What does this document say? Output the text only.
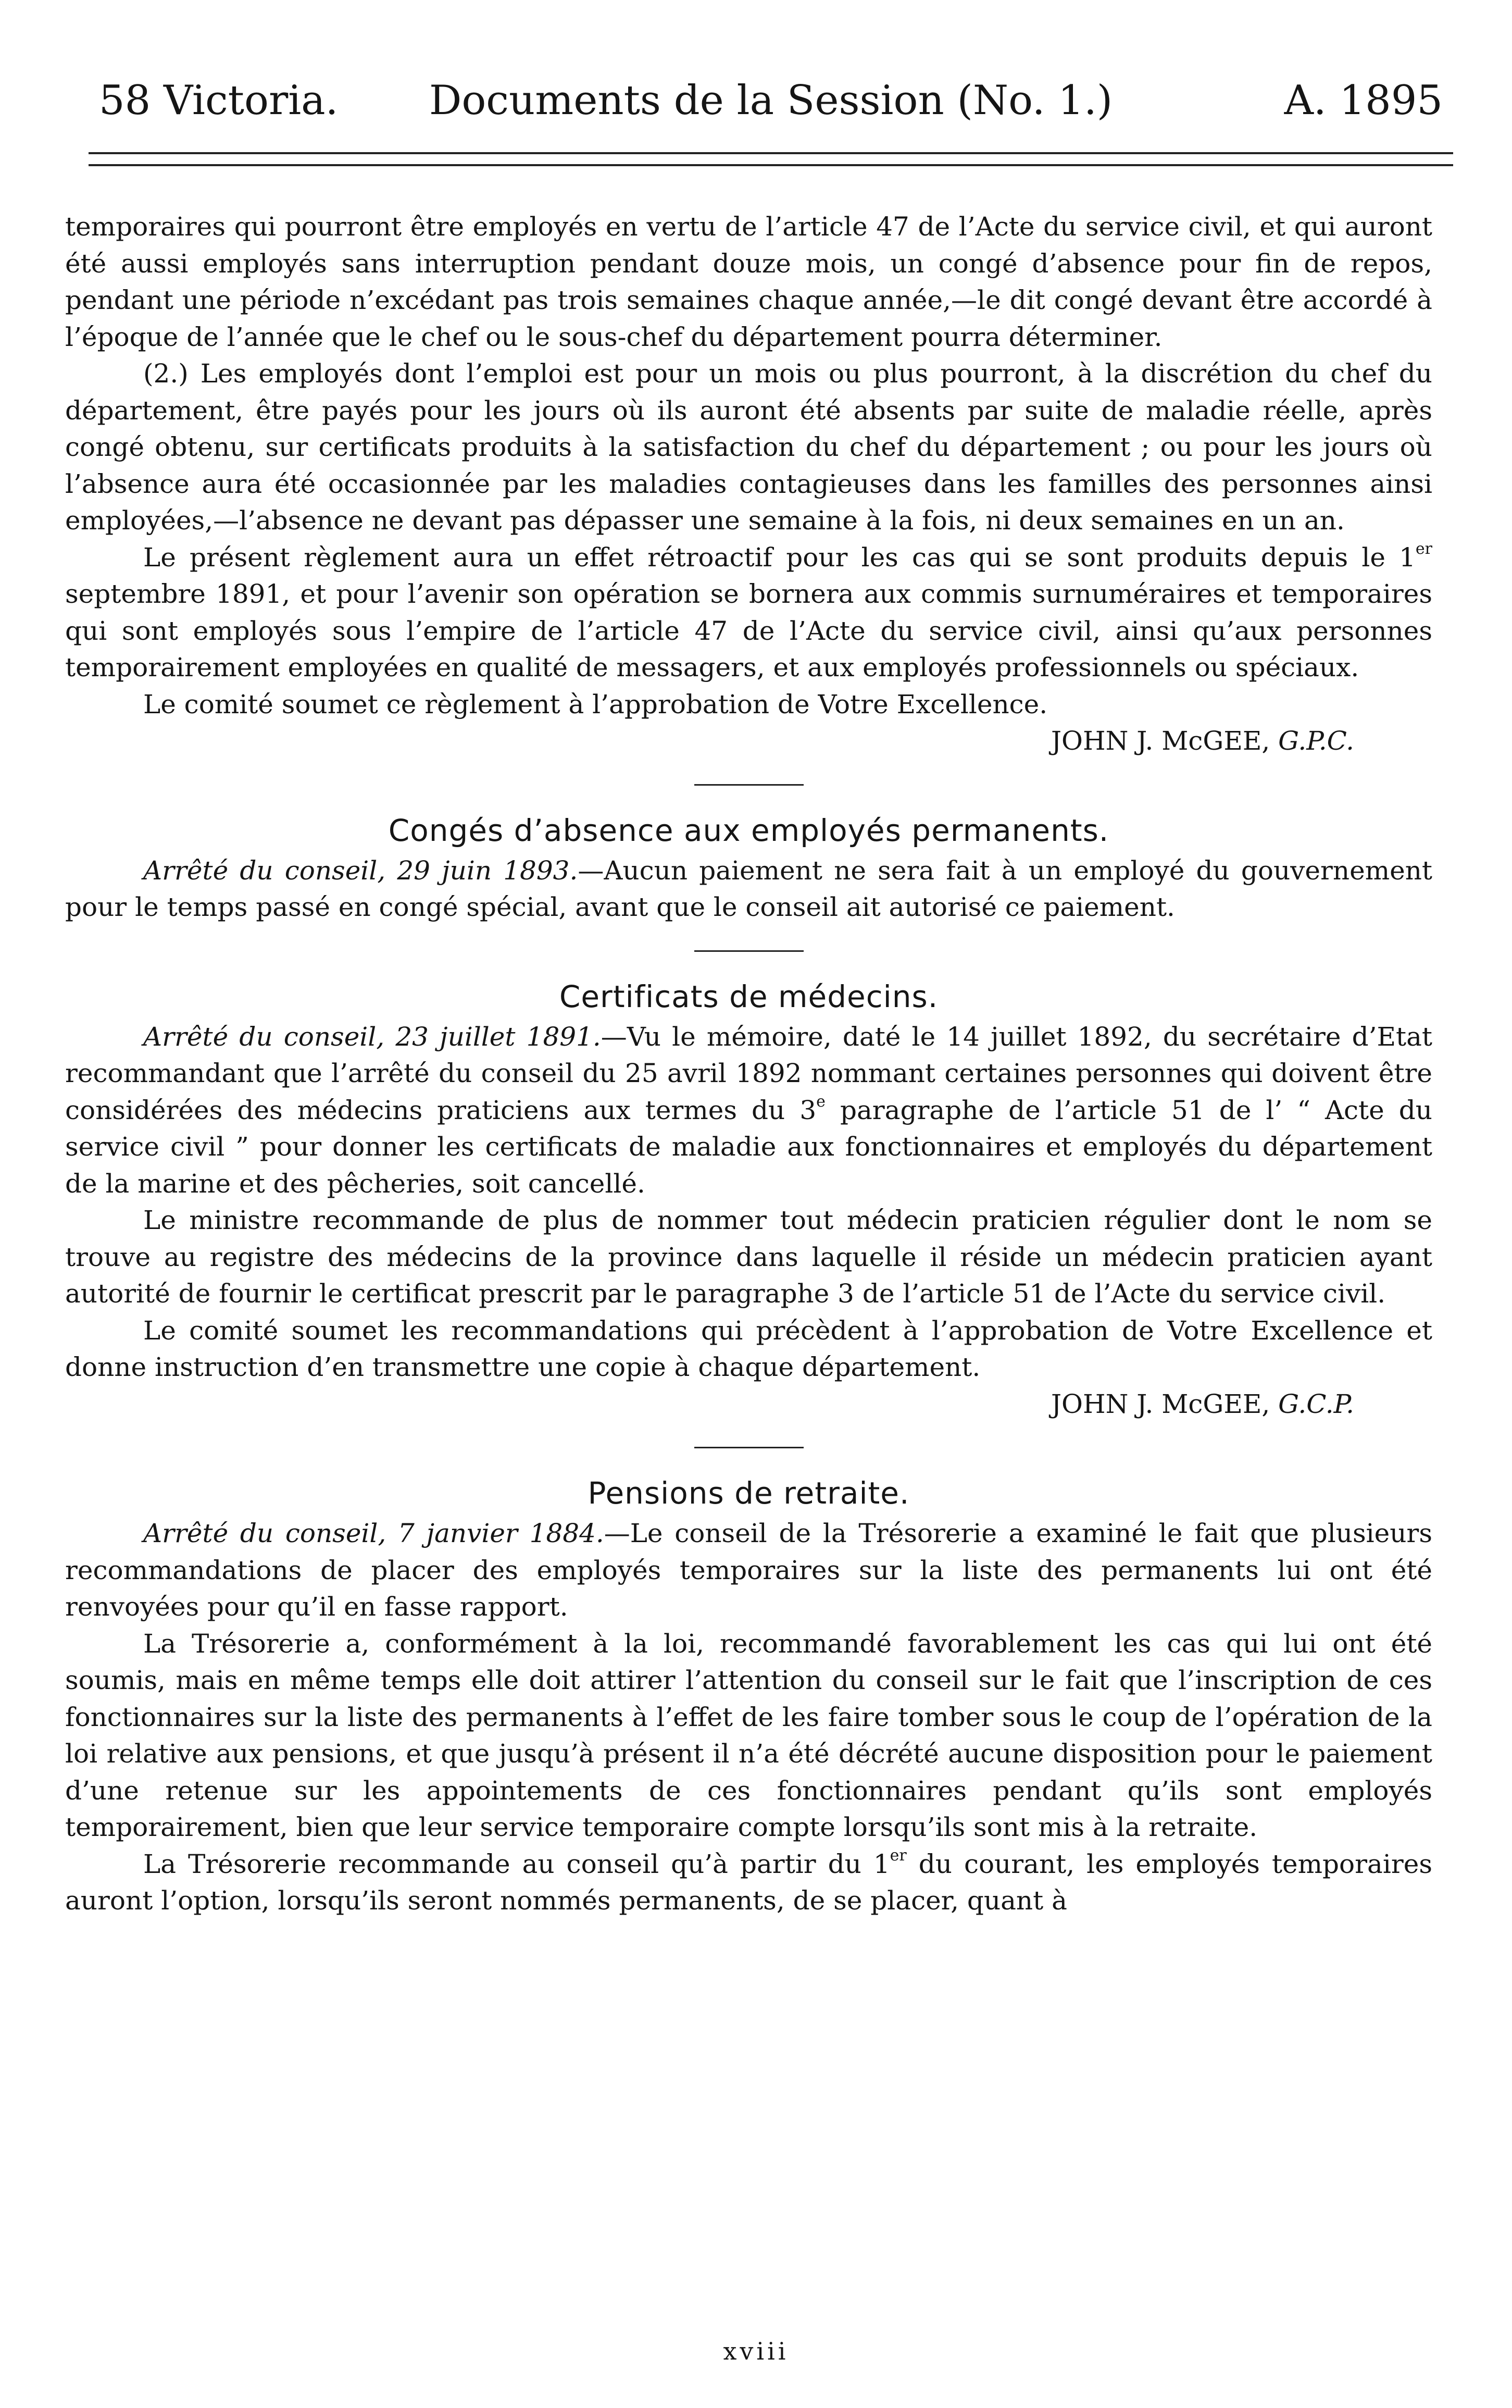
58 Victoria.	Documents de la Session (No. 1.)	A. 1895

temporaires qui pourront être employés en vertu de l’article 47 de l’Acte du service civil, et qui auront été aussi employés sans interruption pendant douze mois, un congé d’absence pour fin de repos, pendant une période n’excédant pas trois semaines chaque année,—le dit congé devant être accordé à l’époque de l’année que le chef ou le sous-chef du département pourra déterminer.

(2.) Les employés dont l’emploi est pour un mois ou plus pourront, à la discrétion du chef du département, être payés pour les jours où ils auront été absents par suite de maladie réelle, après congé obtenu, sur certificats produits à la satisfaction du chef du département ; ou pour les jours où l’absence aura été occasionnée par les maladies contagieuses dans les familles des personnes ainsi employées,—l’absence ne devant pas dépasser une semaine à la fois, ni deux semaines en un an.

Le présent règlement aura un effet rétroactif pour les cas qui se sont produits depuis le 1er septembre 1891, et pour l’avenir son opération se bornera aux commis surnuméraires et temporaires qui sont employés sous l’empire de l’article 47 de l’Acte du service civil, ainsi qu’aux personnes temporairement employées en qualité de messagers, et aux employés professionnels ou spéciaux.

Le comité soumet ce règlement à l’approbation de Votre Excellence.

JOHN J. McGEE, G.P.C.

Congés d’absence aux employés permanents.

Arrêté du conseil, 29 juin 1893.—Aucun paiement ne sera fait à un employé du gouvernement pour le temps passé en congé spécial, avant que le conseil ait autorisé ce paiement.

Certificats de médecins.

Arrêté du conseil, 23 juillet 1891.—Vu le mémoire, daté le 14 juillet 1892, du secrétaire d’Etat recommandant que l’arrêté du conseil du 25 avril 1892 nommant certaines personnes qui doivent être considérées des médecins praticiens aux termes du 3e paragraphe de l’article 51 de l’ “ Acte du service civil ” pour donner les certificats de maladie aux fonctionnaires et employés du département de la marine et des pêcheries, soit cancellé.

Le ministre recommande de plus de nommer tout médecin praticien régulier dont le nom se trouve au registre des médecins de la province dans laquelle il réside un médecin praticien ayant autorité de fournir le certificat prescrit par le paragraphe 3 de l’article 51 de l’Acte du service civil.

Le comité soumet les recommandations qui précèdent à l’approbation de Votre Excellence et donne instruction d’en transmettre une copie à chaque département.

JOHN J. McGEE, G.C.P.

Pensions de retraite.

Arrêté du conseil, 7 janvier 1884.—Le conseil de la Trésorerie a examiné le fait que plusieurs recommandations de placer des employés temporaires sur la liste des permanents lui ont été renvoyées pour qu’il en fasse rapport.

La Trésorerie a, conformément à la loi, recommandé favorablement les cas qui lui ont été soumis, mais en même temps elle doit attirer l’attention du conseil sur le fait que l’inscription de ces fonctionnaires sur la liste des permanents à l’effet de les faire tomber sous le coup de l’opération de la loi relative aux pensions, et que jusqu’à présent il n’a été décrété aucune disposition pour le paiement d’une retenue sur les appointements de ces fonctionnaires pendant qu’ils sont employés temporairement, bien que leur service temporaire compte lorsqu’ils sont mis à la retraite.

La Trésorerie recommande au conseil qu’à partir du 1er du courant, les employés temporaires auront l’option, lorsqu’ils seront nommés permanents, de se placer, quant à

xviii
